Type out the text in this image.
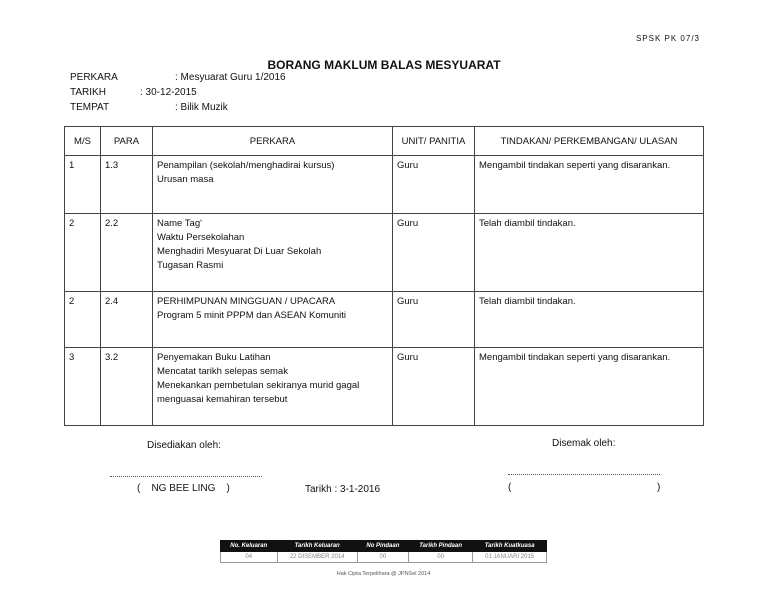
SPSK PK 07/3
BORANG MAKLUM BALAS MESYUARAT
PERKARA	: Mesyuarat Guru 1/2016
TARIKH	: 30-12-2015
TEMPAT	: Bilik Muzik
M/S	PARA	PERKARA	UNIT/ PANITIA	TINDAKAN/ PERKEMBANGAN/ ULASAN
1	1.3	Penampilan (sekolah/menghadirai kursus)
Urusan masa	Guru	Mengambil tindakan seperti yang disarankan.
2	2.2	Name Tag'
Waktu Persekolahan
Menghadiri Mesyuarat Di Luar Sekolah
Tugasan Rasmi	Guru	Telah diambil tindakan.
2	2.4	PERHIMPUNAN MINGGUAN / UPACARA
Program 5 minit PPPM dan ASEAN Komuniti	Guru	Telah diambil tindakan.
3	3.2	Penyemakan Buku Latihan
Mencatat tarikh selepas semak
Menekankan pembetulan sekiranya murid gagal
menguasai kemahiran tersebut	Guru	Mengambil tindakan seperti yang disarankan.
Disediakan oleh:	Disemak oleh:
(    NG BEE LING    )	Tarikh : 3-1-2016	(	)
No. Keluaran	Tarikh Keluaran	No Pindaan	Tarikh Pindaan	Tarikh Kuatkuasa
04	22 DISEMBER 2014	00	00	01 JANUARI 2015
Hak Cipta Terpelihara @ JPNSel 2014
